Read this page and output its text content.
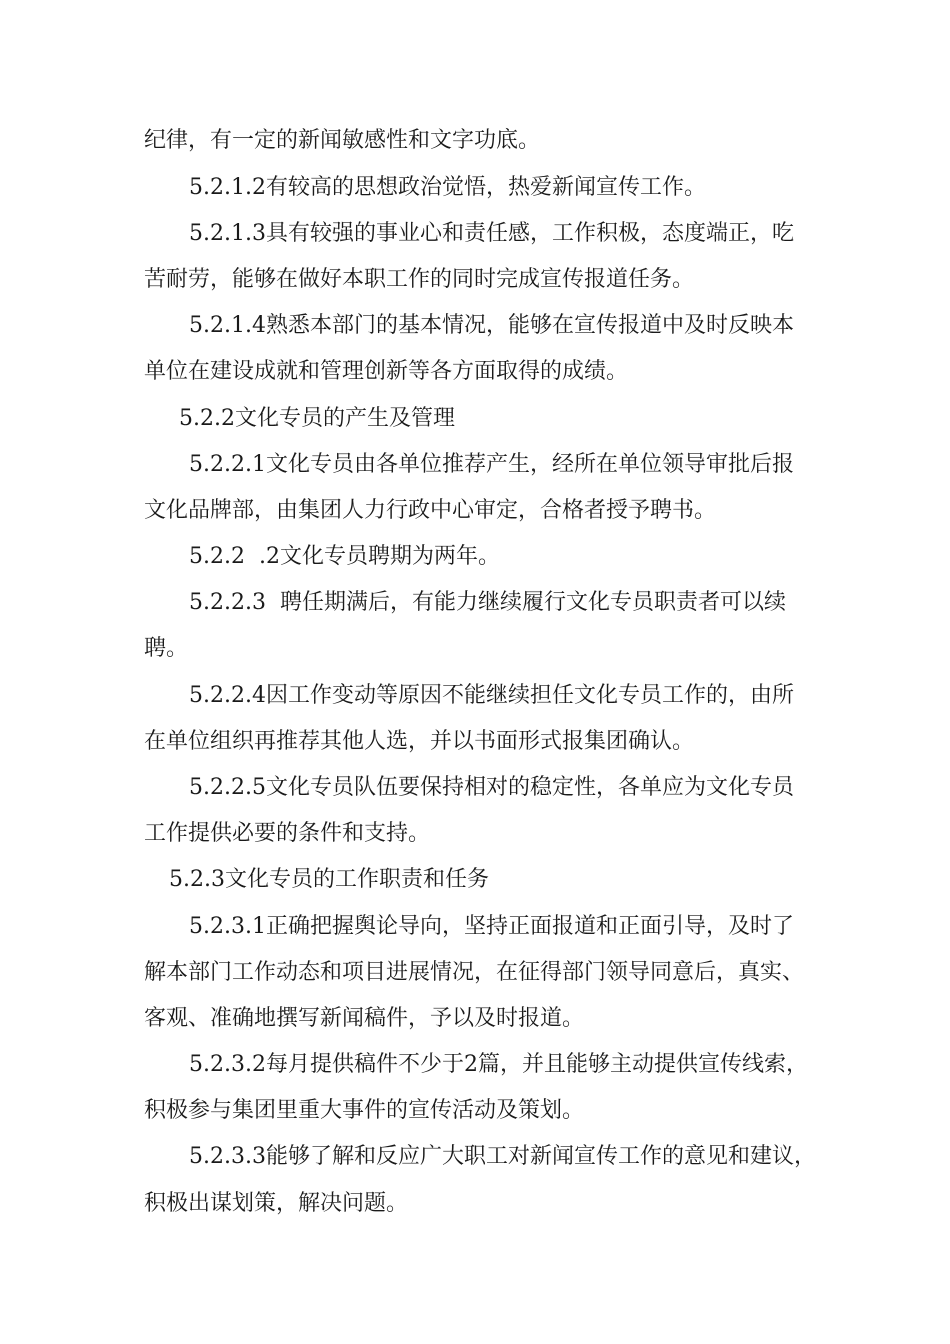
纪律，有一定的新闻敏感性和文字功底。
5.2.1.2有较高的思想政治觉悟，热爱新闻宣传工作。
5.2.1.3具有较强的事业心和责任感，工作积极，态度端正，吃
苦耐劳，能够在做好本职工作的同时完成宣传报道任务。
5.2.1.4熟悉本部门的基本情况，能够在宣传报道中及时反映本
单位在建设成就和管理创新等各方面取得的成绩。
5.2.2文化专员的产生及管理
5.2.2.1文化专员由各单位推荐产生，经所在单位领导审批后报
文化品牌部，由集团人力行政中心审定，合格者授予聘书。
5.2.2  .2文化专员聘期为两年。
5.2.2.3  聘任期满后，有能力继续履行文化专员职责者可以续
聘。
5.2.2.4因工作变动等原因不能继续担任文化专员工作的，由所
在单位组织再推荐其他人选，并以书面形式报集团确认。
5.2.2.5文化专员队伍要保持相对的稳定性，各单应为文化专员
工作提供必要的条件和支持。
5.2.3文化专员的工作职责和任务
5.2.3.1正确把握舆论导向，坚持正面报道和正面引导，及时了
解本部门工作动态和项目进展情况，在征得部门领导同意后，真实、
客观、准确地撰写新闻稿件，予以及时报道。
5.2.3.2每月提供稿件不少于2篇，并且能够主动提供宣传线索，
积极参与集团里重大事件的宣传活动及策划。
5.2.3.3能够了解和反应广大职工对新闻宣传工作的意见和建议，
积极出谋划策，解决问题。
